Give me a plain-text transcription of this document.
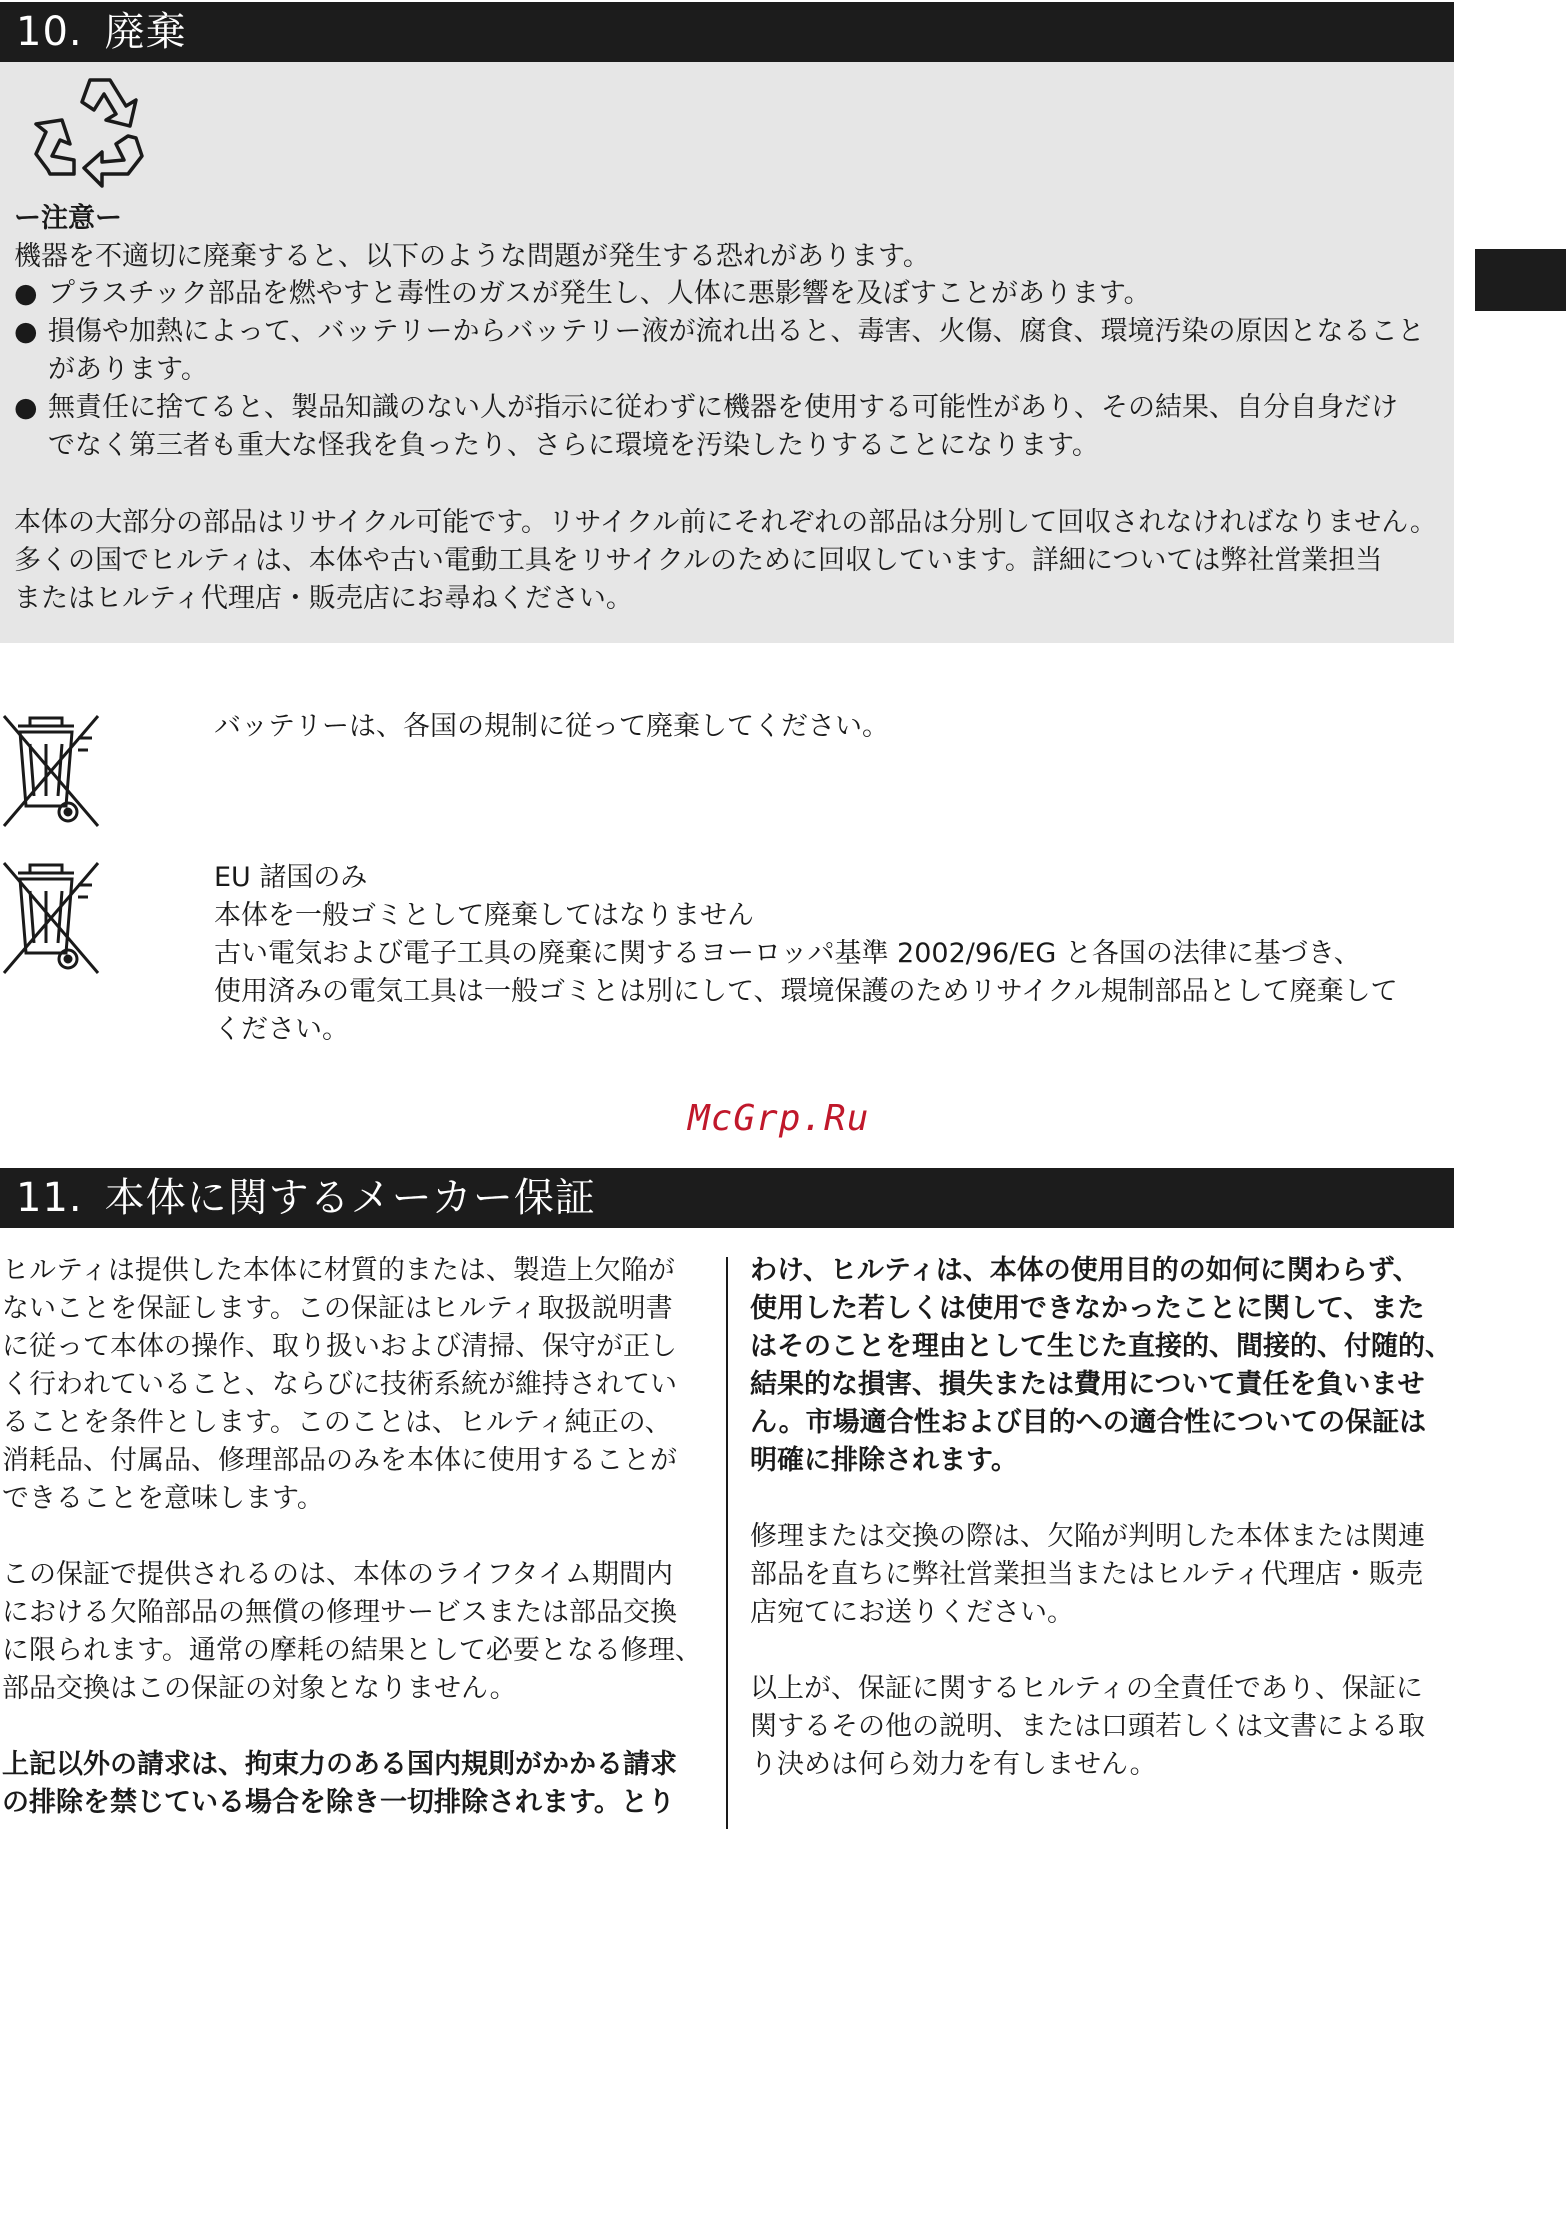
10. 廃棄
ー注意ー
機器を不適切に廃棄すると、以下のような問題が発生する恐れがあります。
● プラスチック部品を燃やすと毒性のガスが発生し、人体に悪影響を及ぼすことがあります。
● 損傷や加熱によって、バッテリーからバッテリー液が流れ出ると、毒害、火傷、腐食、環境汚染の原因となること
があります。
● 無責任に捨てると、製品知識のない人が指示に従わずに機器を使用する可能性があり、その結果、自分自身だけ
でなく第三者も重大な怪我を負ったり、さらに環境を汚染したりすることになります。
本体の大部分の部品はリサイクル可能です。リサイクル前にそれぞれの部品は分別して回収されなければなりません。
多くの国でヒルティは、本体や古い電動工具をリサイクルのために回収しています。詳細については弊社営業担当
またはヒルティ代理店・販売店にお尋ねください。
バッテリーは、各国の規制に従って廃棄してください。
EU 諸国のみ
本体を一般ゴミとして廃棄してはなりません
古い電気および電子工具の廃棄に関するヨーロッパ基準 2002/96/EG と各国の法律に基づき、
使用済みの電気工具は一般ゴミとは別にして、環境保護のためリサイクル規制部品として廃棄して
ください。
McGrp.Ru
11. 本体に関するメーカー保証

ヒルティは提供した本体に材質的または、製造上欠陥が

ないことを保証します。この保証はヒルティ取扱説明書

に従って本体の操作、取り扱いおよび清掃、保守が正し

く行われていること、ならびに技術系統が維持されてい

ることを条件とします。このことは、ヒルティ純正の、

消耗品、付属品、修理部品のみを本体に使用することが

できることを意味します。

この保証で提供されるのは、本体のライフタイム期間内

における欠陥部品の無償の修理サービスまたは部品交換

に限られます。通常の摩耗の結果として必要となる修理、

部品交換はこの保証の対象となりません。

上記以外の請求は、拘束力のある国内規則がかかる請求

の排除を禁じている場合を除き一切排除されます。とり

わけ、ヒルティは、本体の使用目的の如何に関わらず、

使用した若しくは使用できなかったことに関して、また

はそのことを理由として生じた直接的、間接的、付随的、

結果的な損害、損失または費用について責任を負いませ

ん。市場適合性および目的への適合性についての保証は

明確に排除されます。

修理または交換の際は、欠陥が判明した本体または関連

部品を直ちに弊社営業担当またはヒルティ代理店・販売

店宛てにお送りください。

以上が、保証に関するヒルティの全責任であり、保証に

関するその他の説明、または口頭若しくは文書による取

り決めは何ら効力を有しません。
